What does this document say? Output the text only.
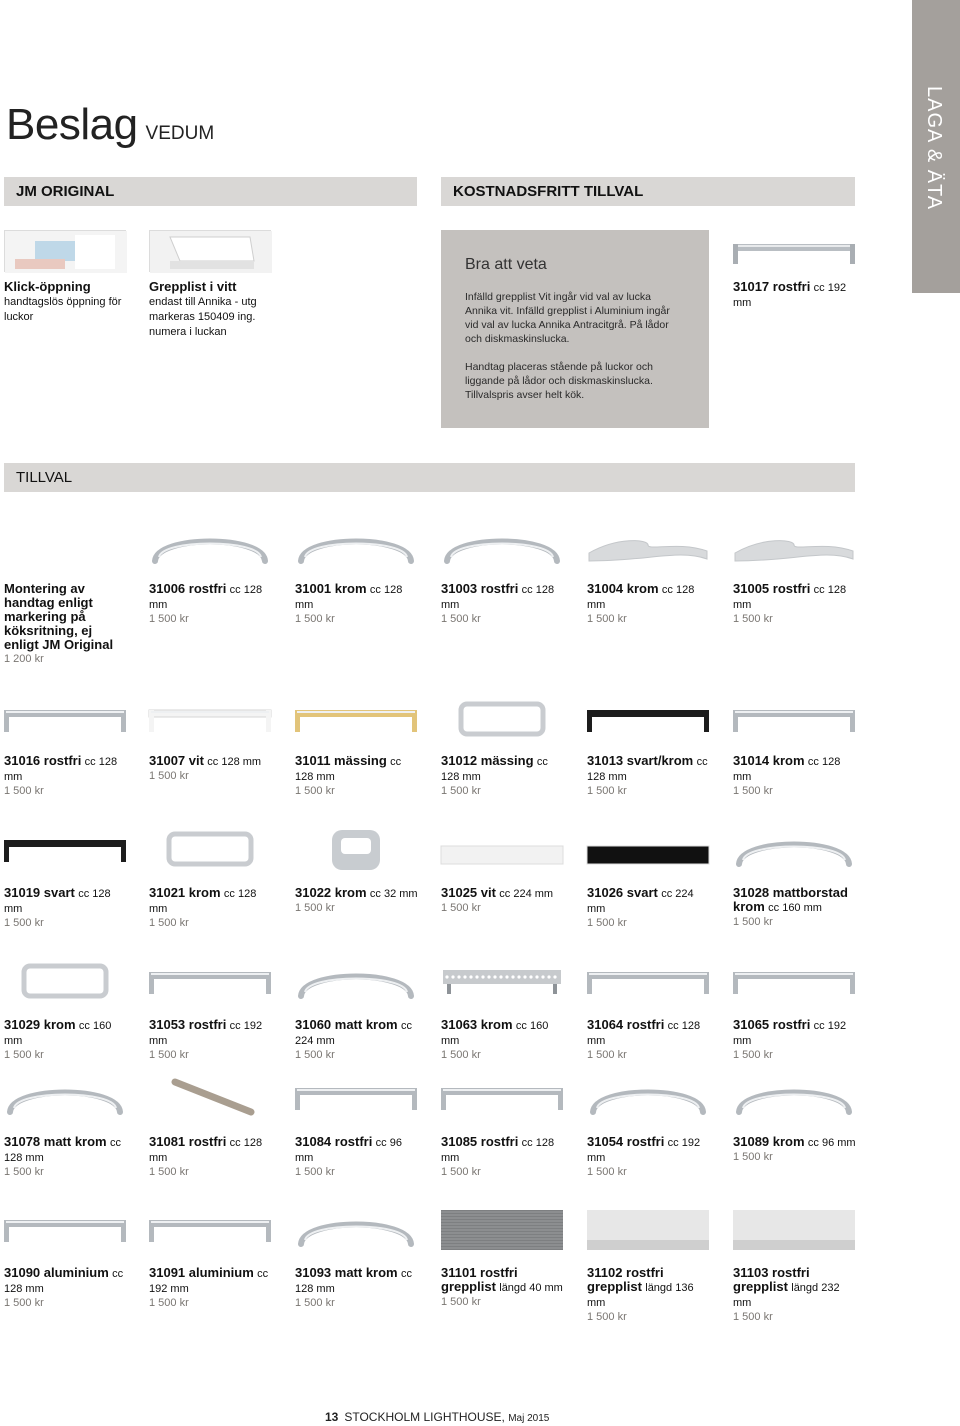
Beslag VEDUM	LAGA & ÄTA
JM ORIGINAL	KOSTNADSFRITT TILLVAL
TILLVAL
Klick-öppning
handtagslös öppning för luckor
Grepplist i vitt
endast till Annika - utg markeras 150409 ing. numera i luckan
Bra att veta

Infälld grepplist Vit ingår vid val av lucka Annika vit. Infälld grepplist i Aluminium ingår vid val av lucka Annika Antracitgrå. På lådor och diskmaskinslucka.

Handtag placeras stående på luckor och liggande på lådor och diskmaskinslucka. Tillvalspris avser helt kök.

31017 rostfri cc 192 mm
Montering av handtag enligt markering på köksritning, ej enligt JM Original
1 200 kr
31006 rostfri cc 128 mm
1 500 kr
31001 krom cc 128 mm
1 500 kr
31003 rostfri cc 128 mm
1 500 kr
31004 krom cc 128 mm
1 500 kr
31005 rostfri cc 128 mm
1 500 kr
31016 rostfri cc 128 mm
1 500 kr
31007 vit cc 128 mm
1 500 kr
31011 mässing cc 128 mm
1 500 kr
31012 mässing cc 128 mm
1 500 kr
31013 svart/krom cc 128 mm
1 500 kr
31014 krom cc 128 mm
1 500 kr
31019 svart cc 128 mm
1 500 kr
31021 krom cc 128 mm
1 500 kr
31022 krom cc 32 mm
1 500 kr
31025 vit cc 224 mm
1 500 kr
31026 svart cc 224 mm
1 500 kr
31028 mattborstad krom cc 160 mm
1 500 kr
31029 krom cc 160 mm
1 500 kr
31053 rostfri cc 192 mm
1 500 kr
31060 matt krom cc 224 mm
1 500 kr
31063 krom cc 160 mm
1 500 kr
31064 rostfri cc 128 mm
1 500 kr
31065 rostfri cc 192 mm
1 500 kr
31078 matt krom cc 128 mm
1 500 kr
31081 rostfri cc 128 mm
1 500 kr
31084 rostfri cc 96 mm
1 500 kr
31085 rostfri cc 128 mm
1 500 kr
31054 rostfri cc 192 mm
1 500 kr
31089 krom cc 96 mm
1 500 kr
31090 aluminium cc 128 mm
1 500 kr
31091 aluminium cc 192 mm
1 500 kr
31093 matt krom cc 128 mm
1 500 kr
31101 rostfri grepplist längd 40 mm
1 500 kr
31102 rostfri grepplist längd 136 mm
1 500 kr
31103 rostfri grepplist längd 232 mm
1 500 kr
13 STOCKHOLM LIGHTHOUSE, Maj 2015
